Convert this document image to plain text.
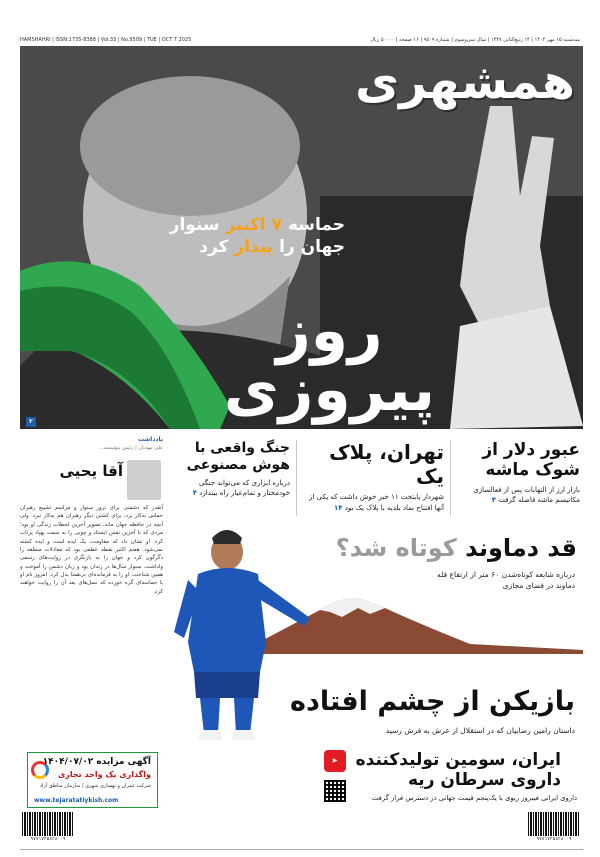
HAMSHAHRI | ISSN:1735-8388 | Vol.33 | No.9509 | TUE | OCT 7 2025	سه‌شنبه ۱۵ مهر ۱۴۰۴ | ۱۴ ربیع‌الثانی ۱۴۴۷ | سال سی‌وسوم | شماره ۹۵۰۹ | ۱۶ صفحه | ۵۰۰۰۰ ریال
همشهری
حماسه ۷ اکتبر سنوار
جهان را بیدار کرد
روز
پیروزی
۲
عبور دلار از شوک ماشه

بازار ارز از التهابات پس از فعالسازی مکانیسم ماشه فاصله گرفت ۴

تهران، پلاک یک

شهردار پایتخت ۱۱ خبر خوش داشت که یکی از آنها افتتاح نماد بلدیه با پلاک یک بود ۱۴

جنگ واقعی با هوش مصنوعی

درباره ابزاری که می‌تواند جنگی خودمختار و تمام‌عیار راه بیندازد ۴

یادداشت
علی مهدیان | رئیس مؤسسه...
آقا یحیی
آنقدر که دشمنی برای ترور سنوار و مراسم تشییع رهبران حماس به‌کار برد، برای کشتن دیگر رهبران هم به‌کار نبرد. ولی آنچه در حافظه جهان ماند، تصویر آخرین لحظات زندگی او بود؛ مردی که تا آخرین نفس ایستاد و چوبی را به سمت پهپاد پرتاب کرد. او نشان داد که مقاومت، یک ایده است و ایده کشته نمی‌شود. هفتم اکتبر نقطه عطفی بود که معادلات منطقه را دگرگون کرد و جهان را به بازنگری در روایت‌های رسمی واداشت. سنوار سال‌ها در زندان بود و زبان دشمن را آموخت و همین شناخت، او را به فرمانده‌ای بی‌همتا بدل کرد. امروز نام او با حماسه‌ای گره خورده که نسل‌های بعد آن را روایت خواهند کرد.
آگهی مزایده ۱۴۰۴/۰۷/۰۲
واگذاری یک واحد تجاری
شرکت عمران و بهسازی شهری / سازمان مناطق آزاد
www.tejaratatiykish.com
قد دماوند کوتاه شد؟
درباره شایعه کوتاه‌شدن ۶۰ متر از ارتفاع قله دماوند در فضای مجازی
بازیکن از چشم افتاده
داستان رامین رضاییان که در استقلال از عرش به فرش رسید
▶	ایران، سومین تولیدکننده
داروی سرطان ریه

داروی ایرانی فیبروز ریوی با یک‌پنجم قیمت جهانی در دسترس قرار گرفت

۹۷۷۱۷۳۵۸۳۸۰۰۹	۹۷۷۱۷۳۵۸۳۸۰۰۹
